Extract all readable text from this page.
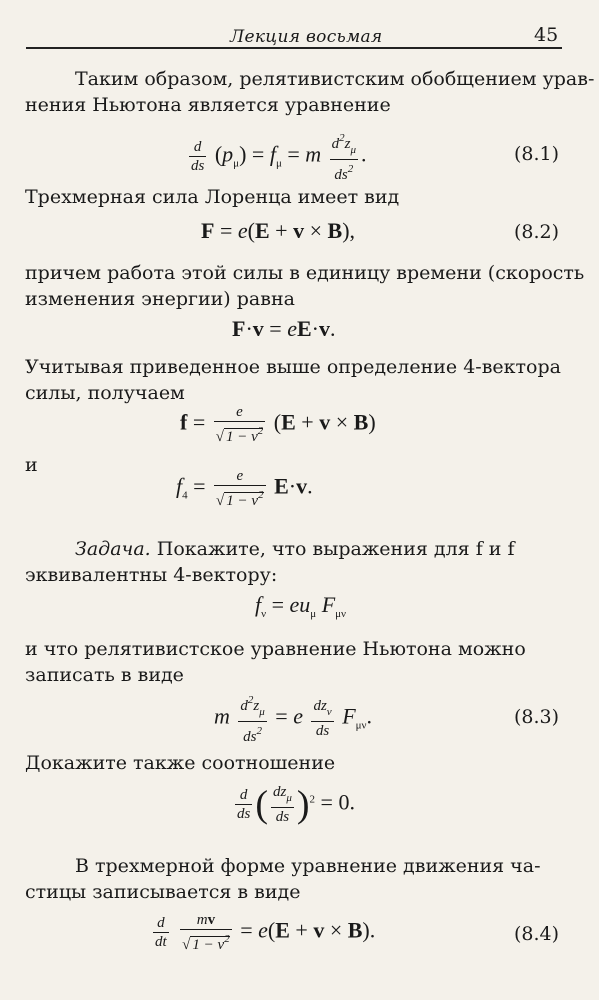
Лекция восьмая	45
Таким образом, релятивистским обобщением урав-
нения Ньютона является уравнение
$\frac{d}{ds} (p_\mu) = f_\mu = m \frac{d^2z_\mu}{ds^2}$ .	(8.1)
Трехмерная сила Лоренца имеет вид
F = e(E + v × B),	(8.2)
причем работа этой силы в единицу времени (скорость
изменения энергии) равна
F·v = eE·v.
Учитывая приведенное выше определение 4-вектора
силы, получаем
$f = \frac{e}{√ 1 - v^2} (E + v \times B)$
и
$f_4 = \frac{e}{√ 1 - v^2} E\cdot v$.
Задача. Покажите, что выражения для f и f
эквивалентны 4-вектору:
$f_\nu = eu_\mu$ $F_{\mu\nu}$
и что релятивистское уравнение Ньютона можно
записать в виде
m $\frac{d^2z_\mu}{ds^2} = e \frac{dz_\nu}{ds} F_{\mu\nu}$.	(8.3)
Докажите также соотношение
$\frac{d}{ds}$ ( $\frac{dz_\mu}{ds} )^2 = 0$.
В трехмерной форме уравнение движения ча-
стицы записывается в виде
$\frac{d}{dt}$
$\frac{mv}{√ 1 - v^2} = e(E + v \times B)$.	(8.4)
